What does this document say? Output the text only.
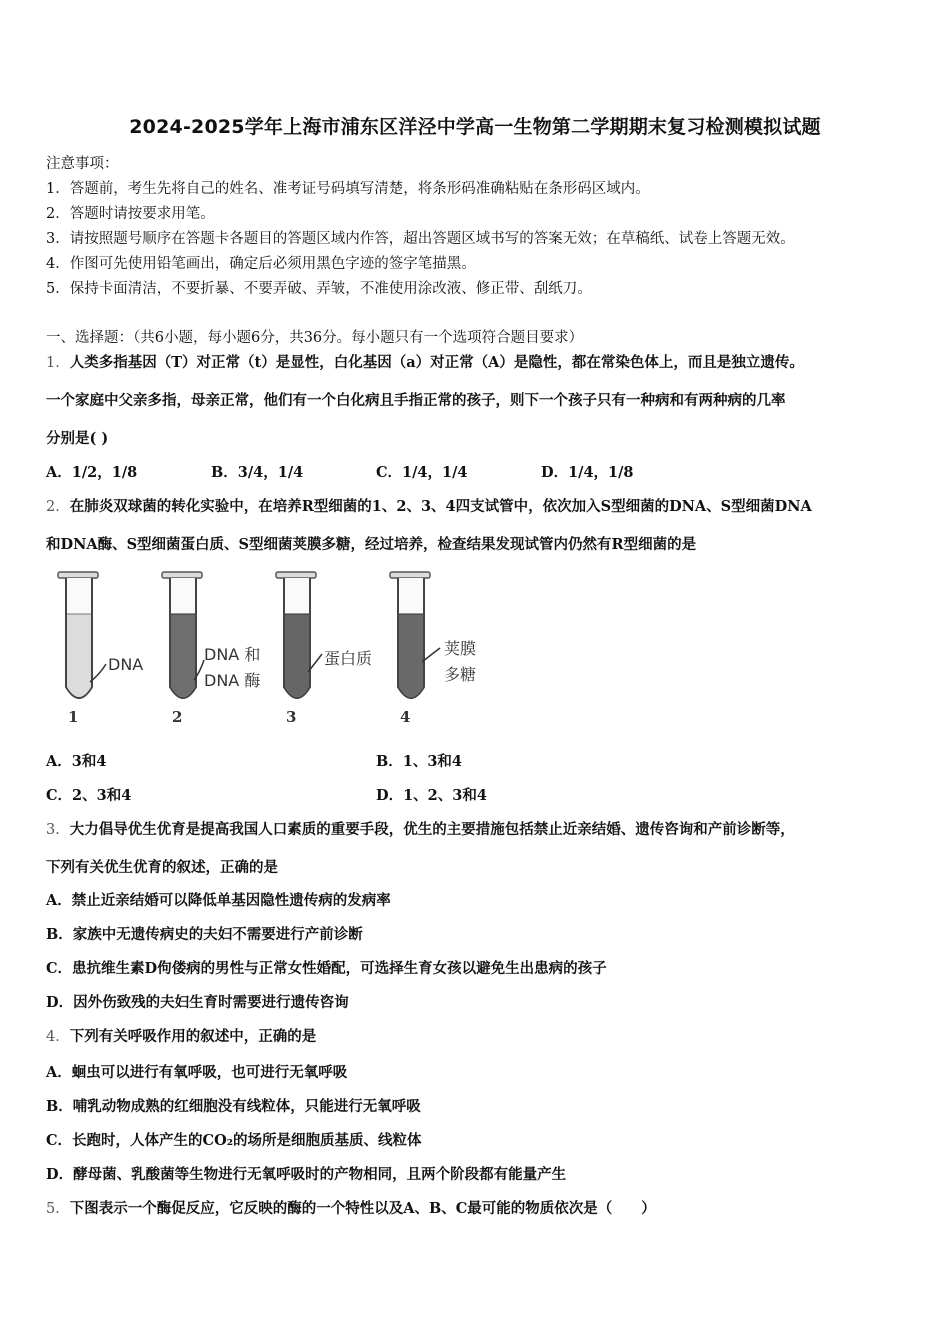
2024-2025学年上海市浦东区洋泾中学高一生物第二学期期末复习检测模拟试题
注意事项：
1．答题前，考生先将自己的姓名、准考证号码填写清楚，将条形码准确粘贴在条形码区域内。
2．答题时请按要求用笔。
3．请按照题号顺序在答题卡各题目的答题区域内作答，超出答题区域书写的答案无效；在草稿纸、试卷上答题无效。
4．作图可先使用铅笔画出，确定后必须用黑色字迹的签字笔描黑。
5．保持卡面清洁，不要折暴、不要弄破、弄皱，不准使用涂改液、修正带、刮纸刀。
一、选择题：（共6小题，每小题6分，共36分。每小题只有一个选项符合题目要求）
1．人类多指基因（T）对正常（t）是显性，白化基因（a）对正常（A）是隐性，都在常染色体上，而且是独立遗传。
一个家庭中父亲多指，母亲正常，他们有一个白化病且手指正常的孩子，则下一个孩子只有一种病和有两种病的几率
分别是( )
A．1/2，1/8	B．3/4，1/4	C．1/4，1/4	D．1/4，1/8
2．在肺炎双球菌的转化实验中，在培养R型细菌的1、2、3、4四支试管中，依次加入S型细菌的DNA、S型细菌DNA
和DNA酶、S型细菌蛋白质、S型细菌荚膜多糖，经过培养，检查结果发现试管内仍然有R型细菌的是
DNA
1
DNA 和
DNA 酶
2
蛋白质
3
荚膜
多糖
4
A．3和4	B．1、3和4
C．2、3和4	D．1、2、3和4
3．大力倡导优生优育是提高我国人口素质的重要手段，优生的主要措施包括禁止近亲结婚、遗传咨询和产前诊断等，
下列有关优生优育的叙述，正确的是
A．禁止近亲结婚可以降低单基因隐性遗传病的发病率
B．家族中无遗传病史的夫妇不需要进行产前诊断
C．患抗维生素D佝偻病的男性与正常女性婚配，可选择生育女孩以避免生出患病的孩子
D．因外伤致残的夫妇生育时需要进行遗传咨询
4．下列有关呼吸作用的叙述中，正确的是
A．蛔虫可以进行有氧呼吸，也可进行无氧呼吸
B．哺乳动物成熟的红细胞没有线粒体，只能进行无氧呼吸
C．长跑时，人体产生的CO₂的场所是细胞质基质、线粒体
D．酵母菌、乳酸菌等生物进行无氧呼吸时的产物相同，且两个阶段都有能量产生
5．下图表示一个酶促反应，它反映的酶的一个特性以及A、B、C最可能的物质依次是（　　）
